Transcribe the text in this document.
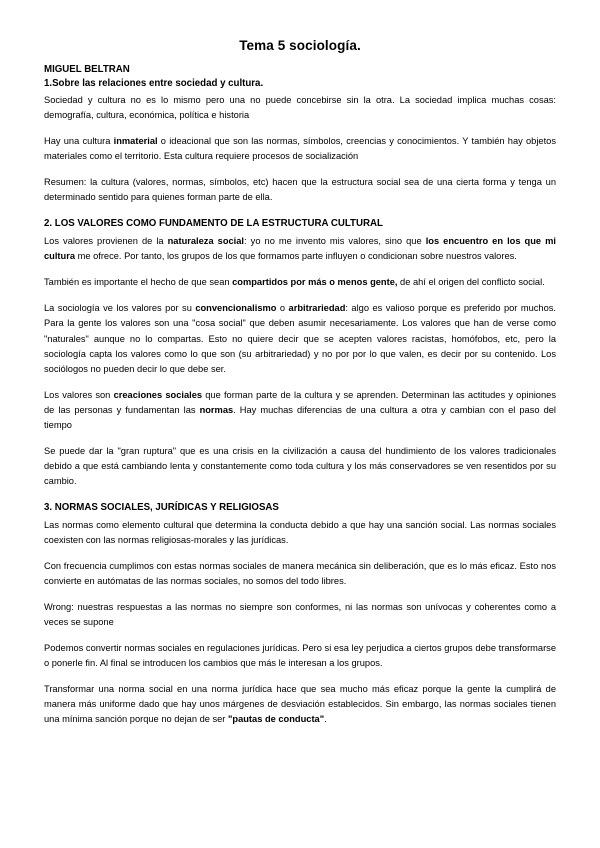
Tema 5 sociología.
MIGUEL BELTRAN
1.Sobre las relaciones entre sociedad y cultura.

Sociedad y cultura no es lo mismo pero una no puede concebirse sin la otra. La sociedad implica muchas cosas: demografía, cultura, económica, política e historia

Hay una cultura inmaterial o ideacional que son las normas, símbolos, creencias y conocimientos. Y también hay objetos materiales como el territorio. Esta cultura requiere procesos de socialización

Resumen: la cultura (valores, normas, símbolos, etc) hacen que la estructura social sea de una cierta forma y tenga un determinado sentido para quienes forman parte de ella.

2. LOS VALORES COMO FUNDAMENTO DE LA ESTRUCTURA CULTURAL

Los valores provienen de la naturaleza social: yo no me invento mis valores, sino que los encuentro en los que mi cultura me ofrece. Por tanto, los grupos de los que formamos parte influyen o condicionan sobre nuestros valores.

También es importante el hecho de que sean compartidos por más o menos gente, de ahí el origen del conflicto social.

La sociología ve los valores por su convencionalismo o arbitrariedad: algo es valioso porque es preferido por muchos. Para la gente los valores son una "cosa social" que deben asumir necesariamente. Los valores que han de verse como "naturales" aunque no lo compartas. Esto no quiere decir que se acepten valores racistas, homófobos, etc, pero la sociología capta los valores como lo que son (su arbitrariedad) y no por por lo que valen, es decir por su contenido. Los sociólogos no pueden decir lo que debe ser.

Los valores son creaciones sociales que forman parte de la cultura y se aprenden. Determinan las actitudes y opiniones de las personas y fundamentan las normas. Hay muchas diferencias de una cultura a otra y cambian con el paso del tiempo

Se puede dar la "gran ruptura" que es una crisis en la civilización a causa del hundimiento de los valores tradicionales debido a que está cambiando lenta y constantemente como toda cultura y los más conservadores se ven resentidos por su cambio.

3. NORMAS SOCIALES, JURÍDICAS Y RELIGIOSAS

Las normas como elemento cultural que determina la conducta debido a que hay una sanción social. Las normas sociales coexisten con las normas religiosas-morales y las jurídicas.

Con frecuencia cumplimos con estas normas sociales de manera mecánica sin deliberación, que es lo más eficaz. Esto nos convierte en autómatas de las normas sociales, no somos del todo libres.

Wrong: nuestras respuestas a las normas no siempre son conformes, ni las normas son unívocas y coherentes como a veces se supone

Podemos convertir normas sociales en regulaciones jurídicas. Pero si esa ley perjudica a ciertos grupos debe transformarse o ponerle fin. Al final se introducen los cambios que más le interesan a los grupos.

Transformar una norma social en una norma jurídica hace que sea mucho más eficaz porque la gente la cumplirá de manera más uniforme dado que hay unos márgenes de desviación establecidos. Sin embargo, las normas sociales tienen una mínima sanción porque no dejan de ser "pautas de conducta".
